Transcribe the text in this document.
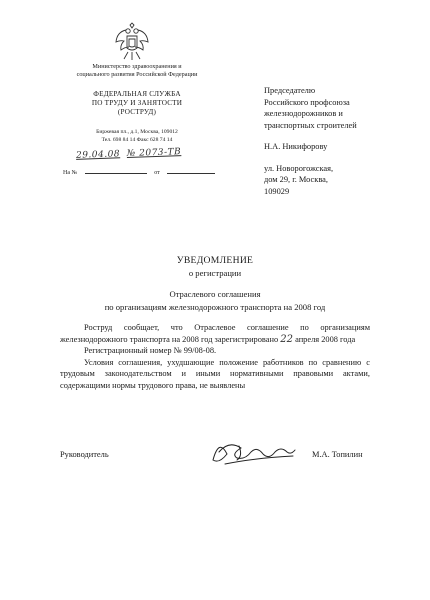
Министерство здравоохранения и
социального развития Российской Федерации
ФЕДЕРАЛЬНАЯ СЛУЖБА
ПО ТРУДУ И ЗАНЯТОСТИ
(РОСТРУД)
Биржевая пл., д.1, Москва, 109012
Тел. 698 84 14 Факс 628 74 14
29.04.08 № 2073-ТВ
На №	от
Председателю
Российского профсоюза
железнодорожников и
транспортных строителей
Н.А. Никифорову
ул. Новорогожская,
дом 29, г. Москва,
109029
УВЕДОМЛЕНИЕ
о регистрации
Отраслевого соглашения
по организациям железнодорожного транспорта на 2008 год

Роструд сообщает, что Отраслевое соглашение по организациям железнодорожного транспорта на 2008 год зарегистрировано 22 апреля 2008 года

Регистрационный номер № 99/08-08.

Условия соглашения, ухудшающие положение работников по сравнению с трудовым законодательством и иными нормативными правовыми актами, содержащими нормы трудового права, не выявлены

Руководитель	М.А. Топилин
